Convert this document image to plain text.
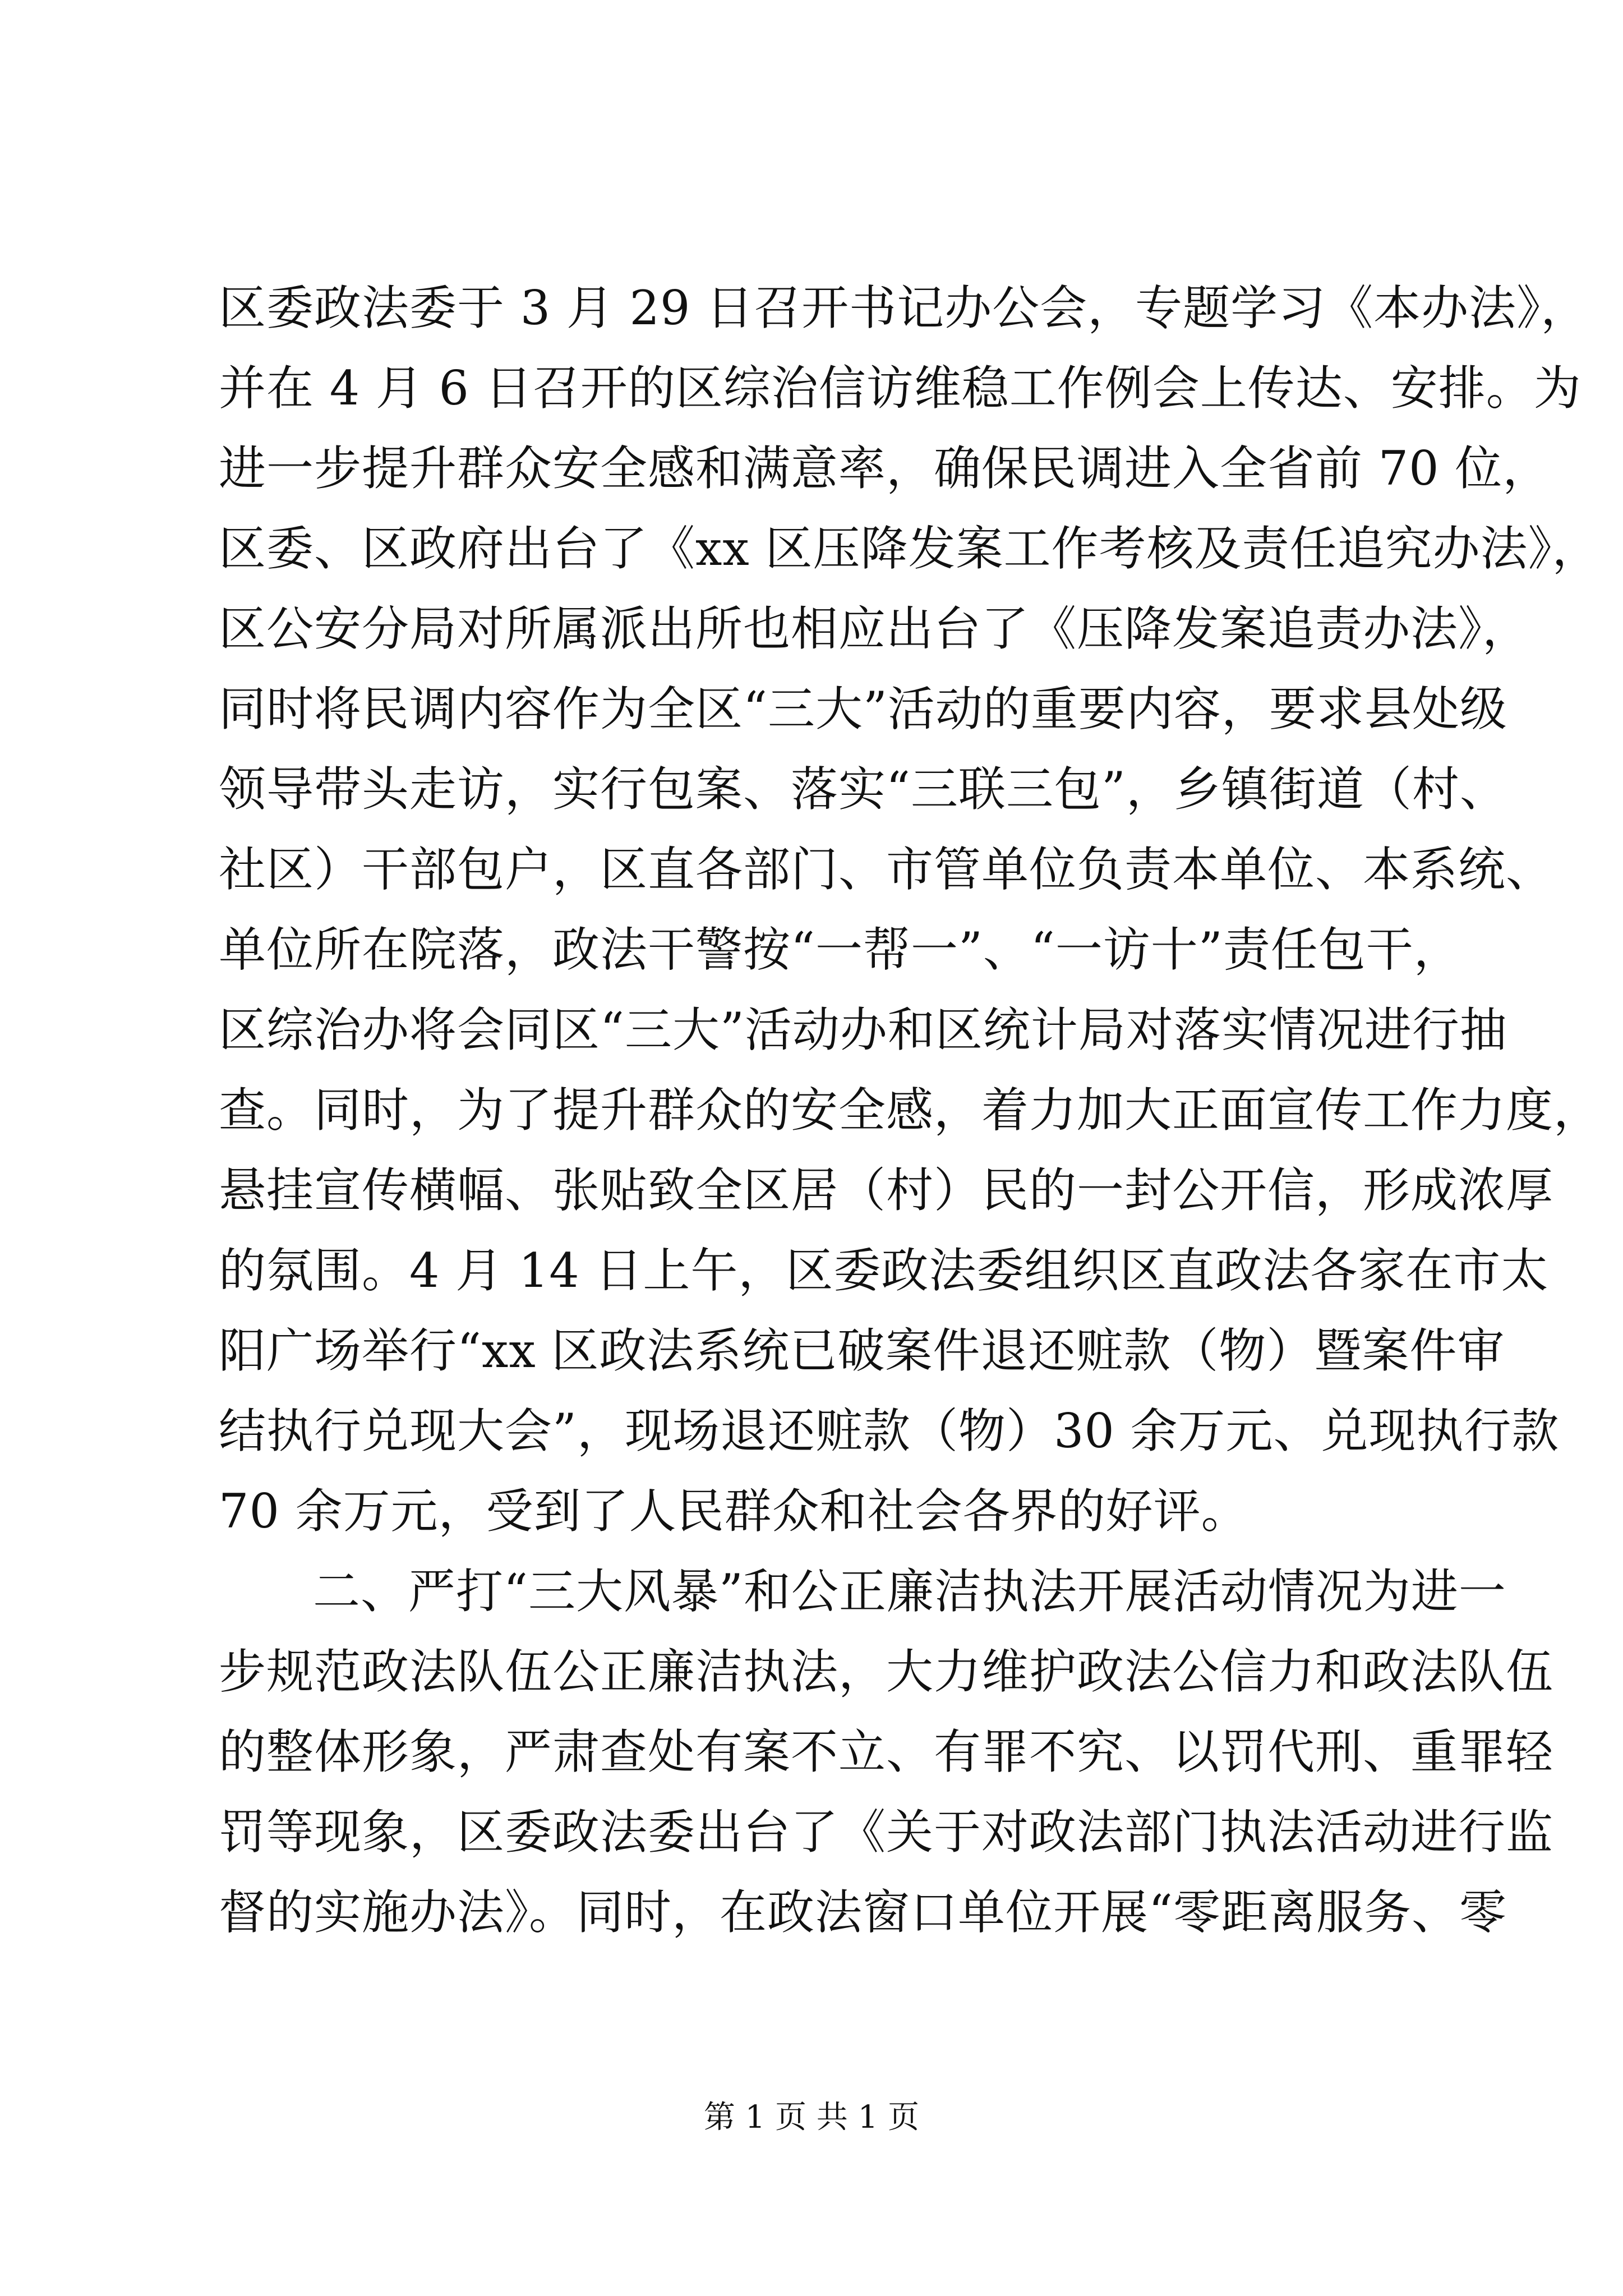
区委政法委于 3 月 29 日召开书记办公会，专题学习《本办法》，
并在 4 月 6 日召开的区综治信访维稳工作例会上传达、安排。为
进一步提升群众安全感和满意率，确保民调进入全省前 70 位，
区委、区政府出台了《xx 区压降发案工作考核及责任追究办法》，
区公安分局对所属派出所也相应出台了《压降发案追责办法》，
同时将民调内容作为全区“三大”活动的重要内容，要求县处级
领导带头走访，实行包案、落实“三联三包”，乡镇街道（村、
社区）干部包户，区直各部门、市管单位负责本单位、本系统、
单位所在院落，政法干警按“一帮一”、“一访十”责任包干，
区综治办将会同区“三大”活动办和区统计局对落实情况进行抽
查。同时，为了提升群众的安全感，着力加大正面宣传工作力度，
悬挂宣传横幅、张贴致全区居（村）民的一封公开信，形成浓厚
的氛围。4 月 14 日上午，区委政法委组织区直政法各家在市太
阳广场举行“xx 区政法系统已破案件退还赃款（物）暨案件审
结执行兑现大会”，现场退还赃款（物）30 余万元、兑现执行款
70 余万元，受到了人民群众和社会各界的好评。
二、严打“三大风暴”和公正廉洁执法开展活动情况为进一
步规范政法队伍公正廉洁执法，大力维护政法公信力和政法队伍
的整体形象，严肃查处有案不立、有罪不究、以罚代刑、重罪轻
罚等现象，区委政法委出台了《关于对政法部门执法活动进行监
督的实施办法》。同时，在政法窗口单位开展“零距离服务、零
第 1 页 共 1 页
